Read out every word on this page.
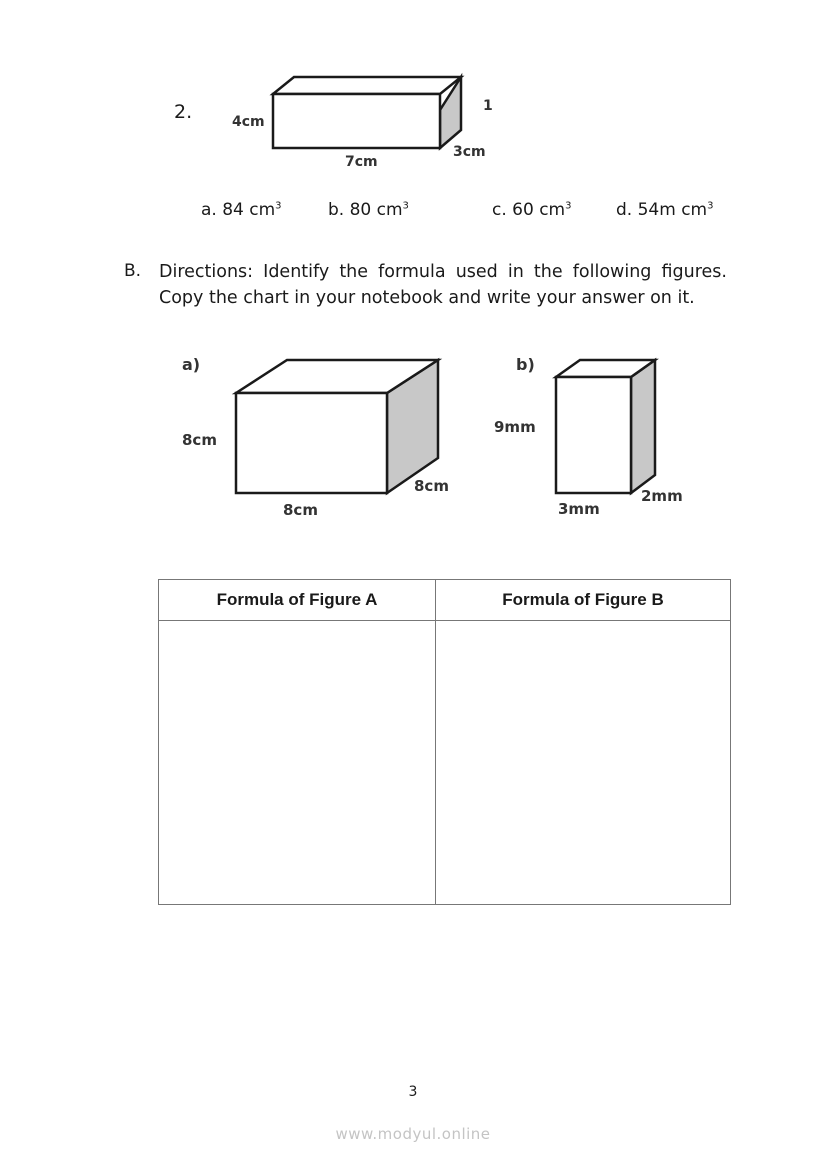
2.	4cm
7cm
3cm
1
a. 84 $cm^3$	b. 80 $cm^3$	c. 60 $cm^3$	d. 54m $cm^3$
B. Directions: Identify the formula used in the following figures. Copy the chart in your notebook and write your answer on it.
a)
8cm
8cm
8cm
b)
9mm
3mm
2mm
Formula of Figure A	Formula of Figure B

3
www.modyul.online
